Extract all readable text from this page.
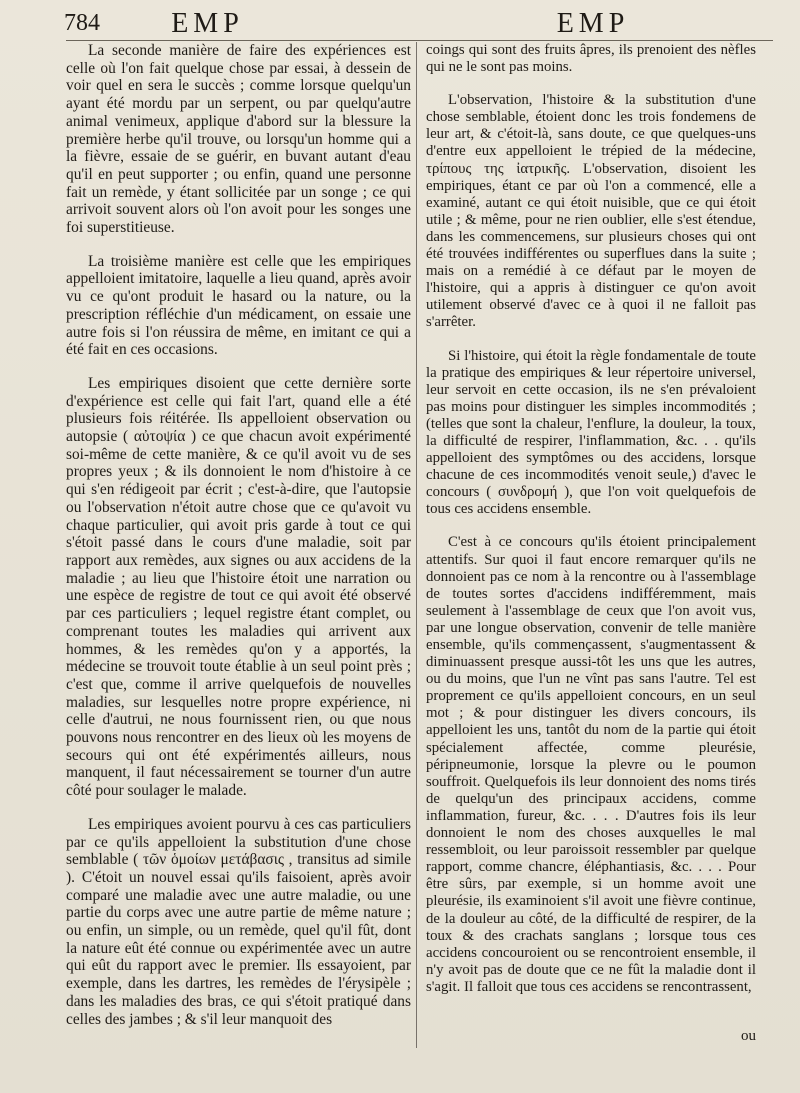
784	EMP	EMP

La seconde manière de faire des expériences est celle où l'on fait quelque chose par essai, à dessein de voir quel en sera le succès ; comme lorsque quelqu'un ayant été mordu par un serpent, ou par quelqu'autre animal venimeux, applique d'abord sur la blessure la première herbe qu'il trouve, ou lorsqu'un homme qui a la fièvre, essaie de se guérir, en buvant autant d'eau qu'il en peut supporter ; ou enfin, quand une personne fait un remède, y étant sollicitée par un songe ; ce qui arrivoit souvent alors où l'on avoit pour les songes une foi superstitieuse.

La troisième manière est celle que les empiriques appelloient imitatoire, laquelle a lieu quand, après avoir vu ce qu'ont produit le hasard ou la nature, ou la prescription réfléchie d'un médicament, on essaie une autre fois si l'on réussira de même, en imitant ce qui a été fait en ces occasions.

Les empiriques disoient que cette dernière sorte d'expérience est celle qui fait l'art, quand elle a été plusieurs fois réitérée. Ils appelloient observation ou autopsie ( αὐτοψία ) ce que chacun avoit expérimenté soi-même de cette manière, & ce qu'il avoit vu de ses propres yeux ; & ils donnoient le nom d'histoire à ce qui s'en rédigeoit par écrit ; c'est-à-dire, que l'autopsie ou l'observation n'étoit autre chose que ce qu'avoit vu chaque particulier, qui avoit pris garde à tout ce qui s'étoit passé dans le cours d'une maladie, soit par rapport aux remèdes, aux signes ou aux accidens de la maladie ; au lieu que l'histoire étoit une narration ou une espèce de registre de tout ce qui avoit été observé par ces particuliers ; lequel registre étant complet, ou comprenant toutes les maladies qui arrivent aux hommes, & les remèdes qu'on y a apportés, la médecine se trouvoit toute établie à un seul point près ; c'est que, comme il arrive quelquefois de nouvelles maladies, sur lesquelles notre propre expérience, ni celle d'autrui, ne nous fournissent rien, ou que nous pouvons nous rencontrer en des lieux où les moyens de secours qui ont été expérimentés ailleurs, nous manquent, il faut nécessairement se tourner d'un autre côté pour soulager le malade.

Les empiriques avoient pourvu à ces cas particuliers par ce qu'ils appelloient la substitution d'une chose semblable ( τῶν ὁμοίων μετάβασις , transitus ad simile ). C'étoit un nouvel essai qu'ils faisoient, après avoir comparé une maladie avec une autre maladie, ou une partie du corps avec une autre partie de même nature ; ou enfin, un simple, ou un remède, quel qu'il fût, dont la nature eût été connue ou expérimentée avec un autre qui eût du rapport avec le premier. Ils essayoient, par exemple, dans les dartres, les remèdes de l'érysipèle ; dans les maladies des bras, ce qui s'étoit pratiqué dans celles des jambes ; & s'il leur manquoit des

coings qui sont des fruits âpres, ils prenoient des nèfles qui ne le sont pas moins.

L'observation, l'histoire & la substitution d'une chose semblable, étoient donc les trois fondemens de leur art, & c'étoit-là, sans doute, ce que quelques-uns d'entre eux appelloient le trépied de la médecine, τρίπους της ἰατρικῆς. L'observation, disoient les empiriques, étant ce par où l'on a commencé, elle a examiné, autant ce qui étoit nuisible, que ce qui étoit utile ; & même, pour ne rien oublier, elle s'est étendue, dans les commencemens, sur plusieurs choses qui ont été trouvées indifférentes ou superflues dans la suite ; mais on a remédié à ce défaut par le moyen de l'histoire, qui a appris à distinguer ce qu'on avoit utilement observé d'avec ce à quoi il ne falloit pas s'arrêter.

Si l'histoire, qui étoit la règle fondamentale de toute la pratique des empiriques & leur répertoire universel, leur servoit en cette occasion, ils ne s'en prévaloient pas moins pour distinguer les simples incommodités ; (telles que sont la chaleur, l'enflure, la douleur, la toux, la difficulté de respirer, l'inflammation, &c. . . qu'ils appelloient des symptômes ou des accidens, lorsque chacune de ces incommodités venoit seule,) d'avec le concours ( συνδρομή ), que l'on voit quelquefois de tous ces accidens ensemble.

C'est à ce concours qu'ils étoient principalement attentifs. Sur quoi il faut encore remarquer qu'ils ne donnoient pas ce nom à la rencontre ou à l'assemblage de toutes sortes d'accidens indifféremment, mais seulement à l'assemblage de ceux que l'on avoit vus, par une longue observation, convenir de telle manière ensemble, qu'ils commençassent, s'augmentassent & diminuassent presque aussi-tôt les uns que les autres, ou du moins, que l'un ne vînt pas sans l'autre. Tel est proprement ce qu'ils appelloient concours, en un seul mot ; & pour distinguer les divers concours, ils appelloient les uns, tantôt du nom de la partie qui étoit spécialement affectée, comme pleurésie, péripneumonie, lorsque la plevre ou le poumon souffroit. Quelquefois ils leur donnoient des noms tirés de quelqu'un des principaux accidens, comme inflammation, fureur, &c. . . . D'autres fois ils leur donnoient le nom des choses auxquelles le mal ressembloit, ou leur paroissoit ressembler par quelque rapport, comme chancre, éléphantiasis, &c. . . . Pour être sûrs, par exemple, si un homme avoit une pleurésie, ils examinoient s'il avoit une fièvre continue, de la douleur au côté, de la difficulté de respirer, de la toux & des crachats sanglans ; lorsque tous ces accidens concouroient ou se rencontroient ensemble, il n'y avoit pas de doute que ce ne fût la maladie dont il s'agit. Il falloit que tous ces accidens se rencontrassent,

ou
